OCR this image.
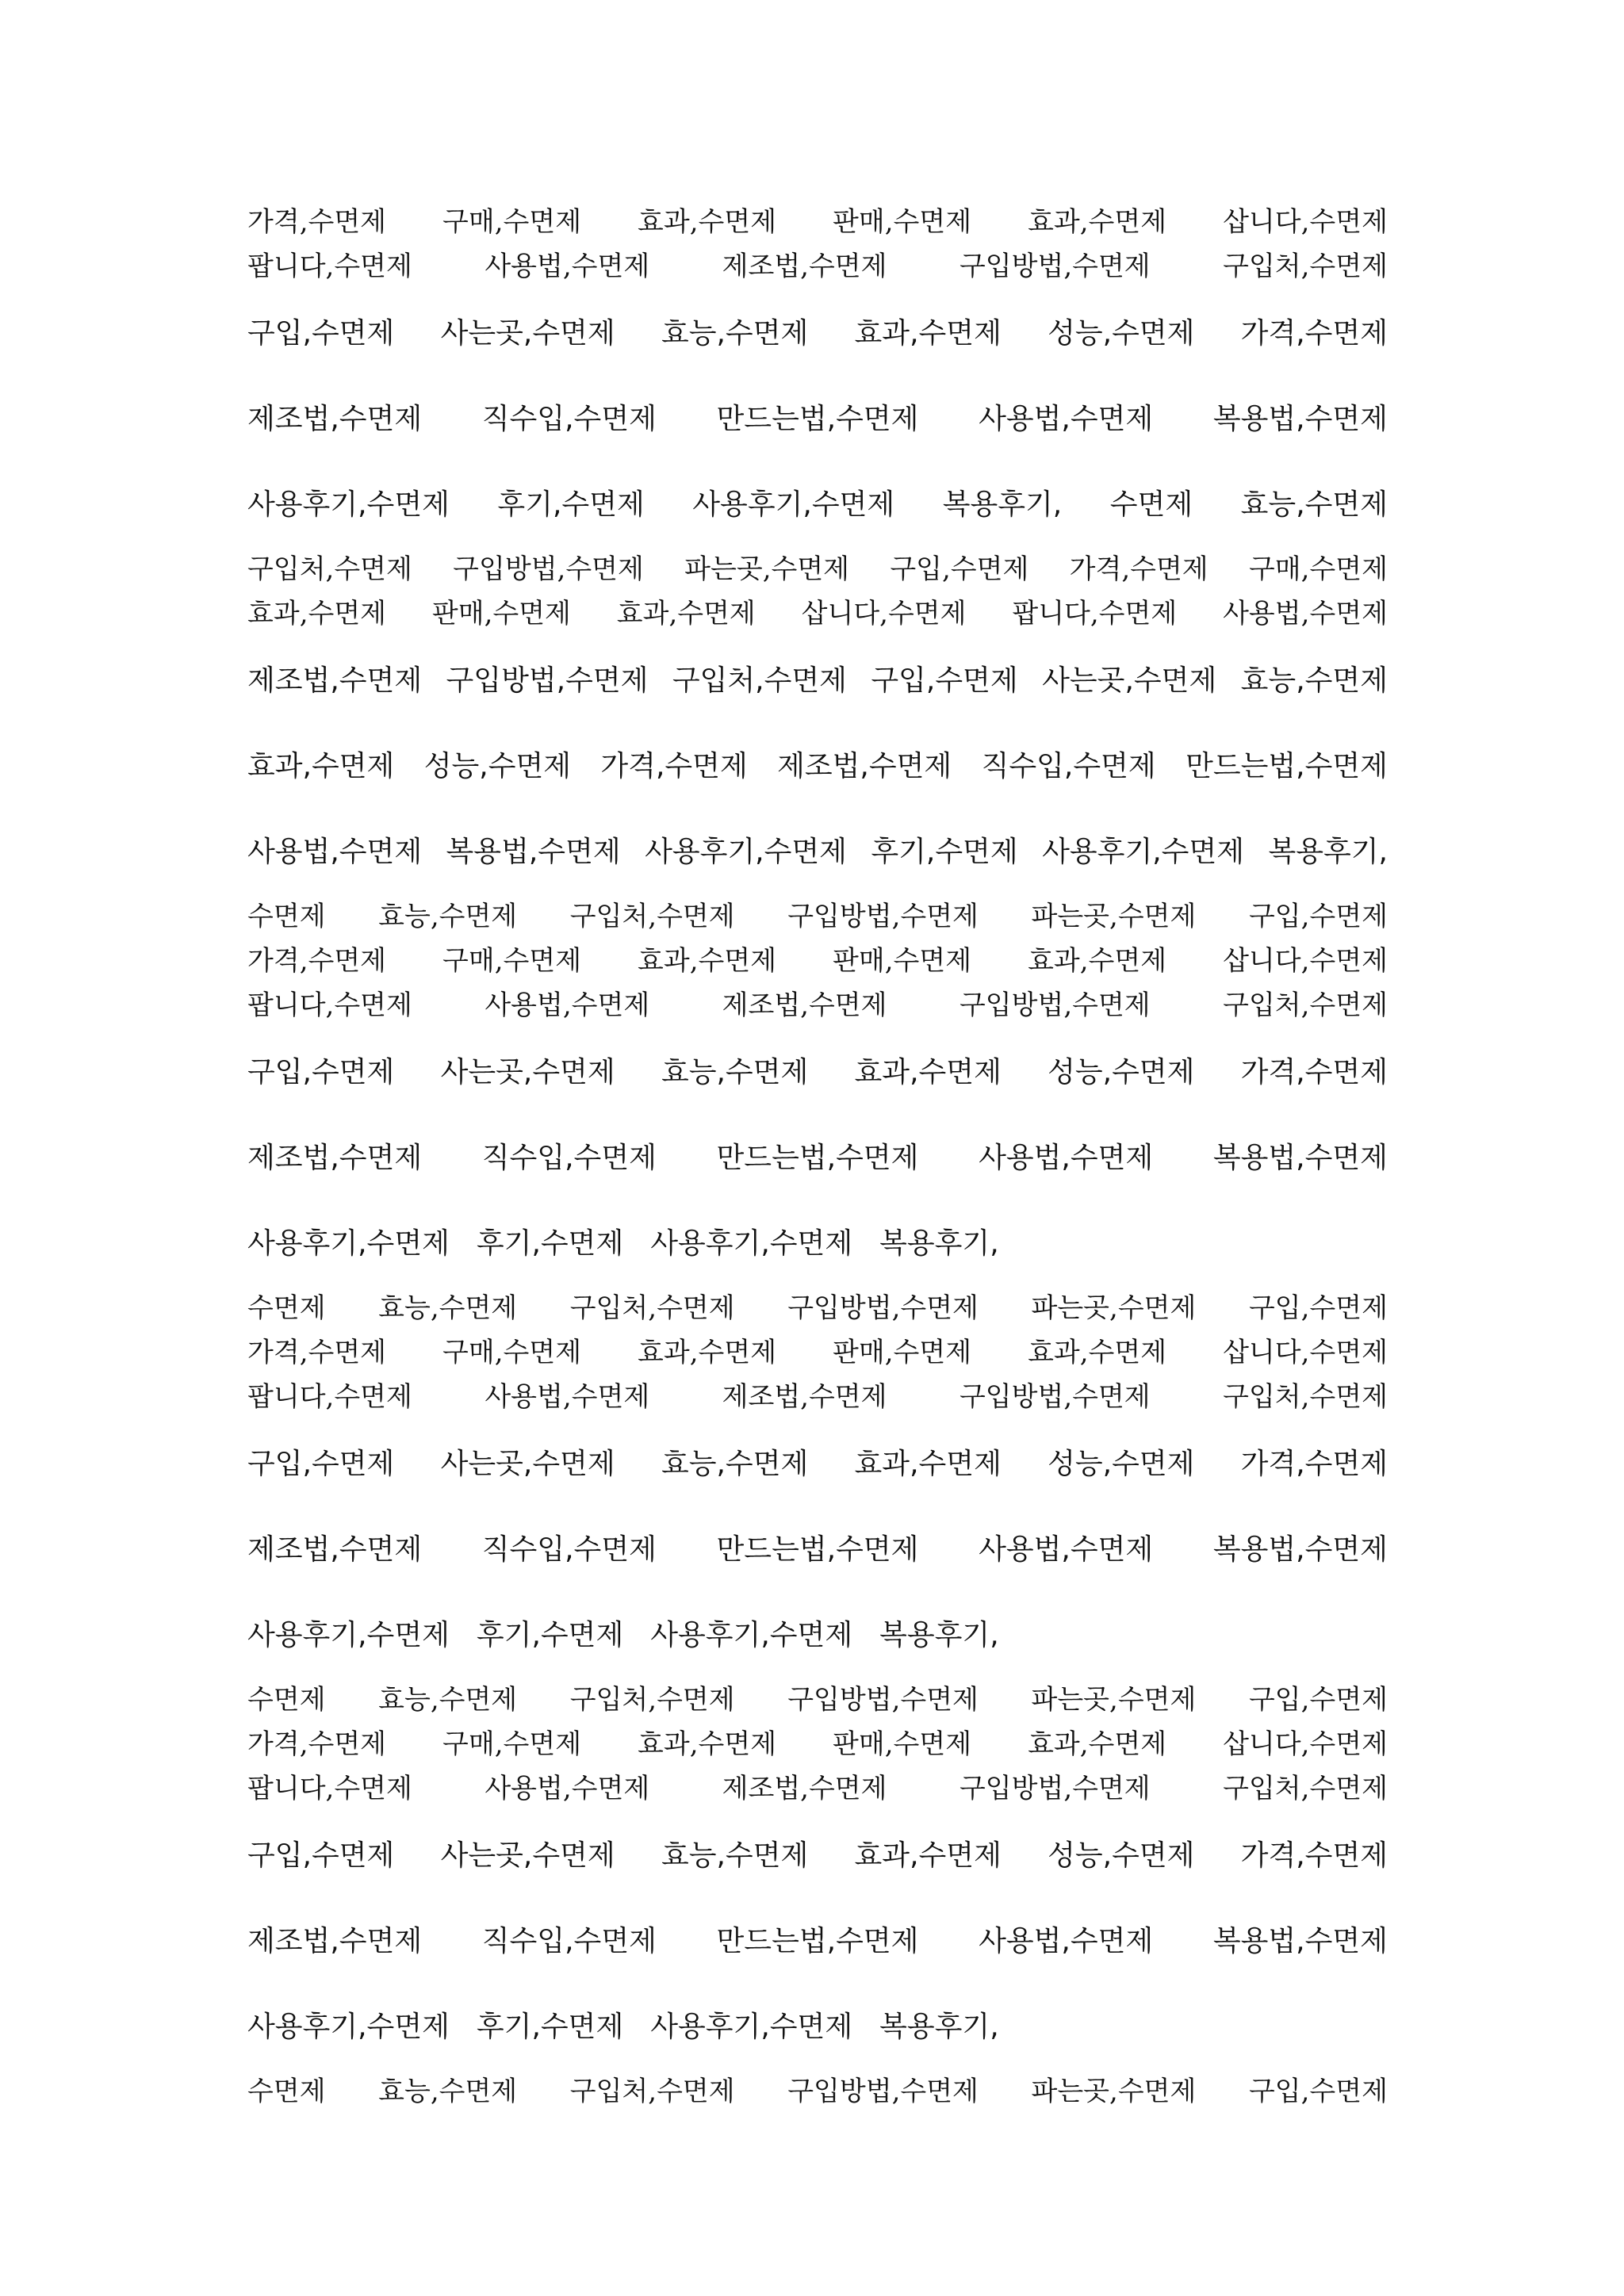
가격,수면제 구매,수면제 효과,수면제 판매,수면제 효과,수면제 삽니다,수면제
팝니다,수면제	사용법,수면제	제조법,수면제	구입방법,수면제	구입처,수면제
구입,수면제 사는곳,수면제 효능,수면제 효과,수면제 성능,수면제 가격,수면제
제조법,수면제 직수입,수면제 만드는법,수면제 사용법,수면제 복용법,수면제
사용후기,수면제 후기,수면제 사용후기,수면제 복용후기, 수면제 효능,수면제
구입처,수면제 구입방법,수면제 파는곳,수면제 구입,수면제 가격,수면제 구매,수면제
효과,수면제 판매,수면제 효과,수면제 삽니다,수면제 팝니다,수면제 사용법,수면제
제조법,수면제 구입방법,수면제 구입처,수면제 구입,수면제 사는곳,수면제 효능,수면제
효과,수면제 성능,수면제 가격,수면제 제조법,수면제 직수입,수면제 만드는법,수면제
사용법,수면제 복용법,수면제 사용후기,수면제 후기,수면제 사용후기,수면제 복용후기,
수면제 효능,수면제 구입처,수면제 구입방법,수면제 파는곳,수면제 구입,수면제
가격,수면제 구매,수면제 효과,수면제 판매,수면제 효과,수면제 삽니다,수면제
팝니다,수면제	사용법,수면제	제조법,수면제	구입방법,수면제	구입처,수면제
구입,수면제 사는곳,수면제 효능,수면제 효과,수면제 성능,수면제 가격,수면제
제조법,수면제 직수입,수면제 만드는법,수면제 사용법,수면제 복용법,수면제
사용후기,수면제 후기,수면제 사용후기,수면제 복용후기,
수면제 효능,수면제 구입처,수면제 구입방법,수면제 파는곳,수면제 구입,수면제
가격,수면제 구매,수면제 효과,수면제 판매,수면제 효과,수면제 삽니다,수면제
팝니다,수면제	사용법,수면제	제조법,수면제	구입방법,수면제	구입처,수면제
구입,수면제 사는곳,수면제 효능,수면제 효과,수면제 성능,수면제 가격,수면제
제조법,수면제 직수입,수면제 만드는법,수면제 사용법,수면제 복용법,수면제
사용후기,수면제 후기,수면제 사용후기,수면제 복용후기,
수면제 효능,수면제 구입처,수면제 구입방법,수면제 파는곳,수면제 구입,수면제
가격,수면제 구매,수면제 효과,수면제 판매,수면제 효과,수면제 삽니다,수면제
팝니다,수면제	사용법,수면제	제조법,수면제	구입방법,수면제	구입처,수면제
구입,수면제 사는곳,수면제 효능,수면제 효과,수면제 성능,수면제 가격,수면제
제조법,수면제 직수입,수면제 만드는법,수면제 사용법,수면제 복용법,수면제
사용후기,수면제 후기,수면제 사용후기,수면제 복용후기,
수면제 효능,수면제 구입처,수면제 구입방법,수면제 파는곳,수면제 구입,수면제
